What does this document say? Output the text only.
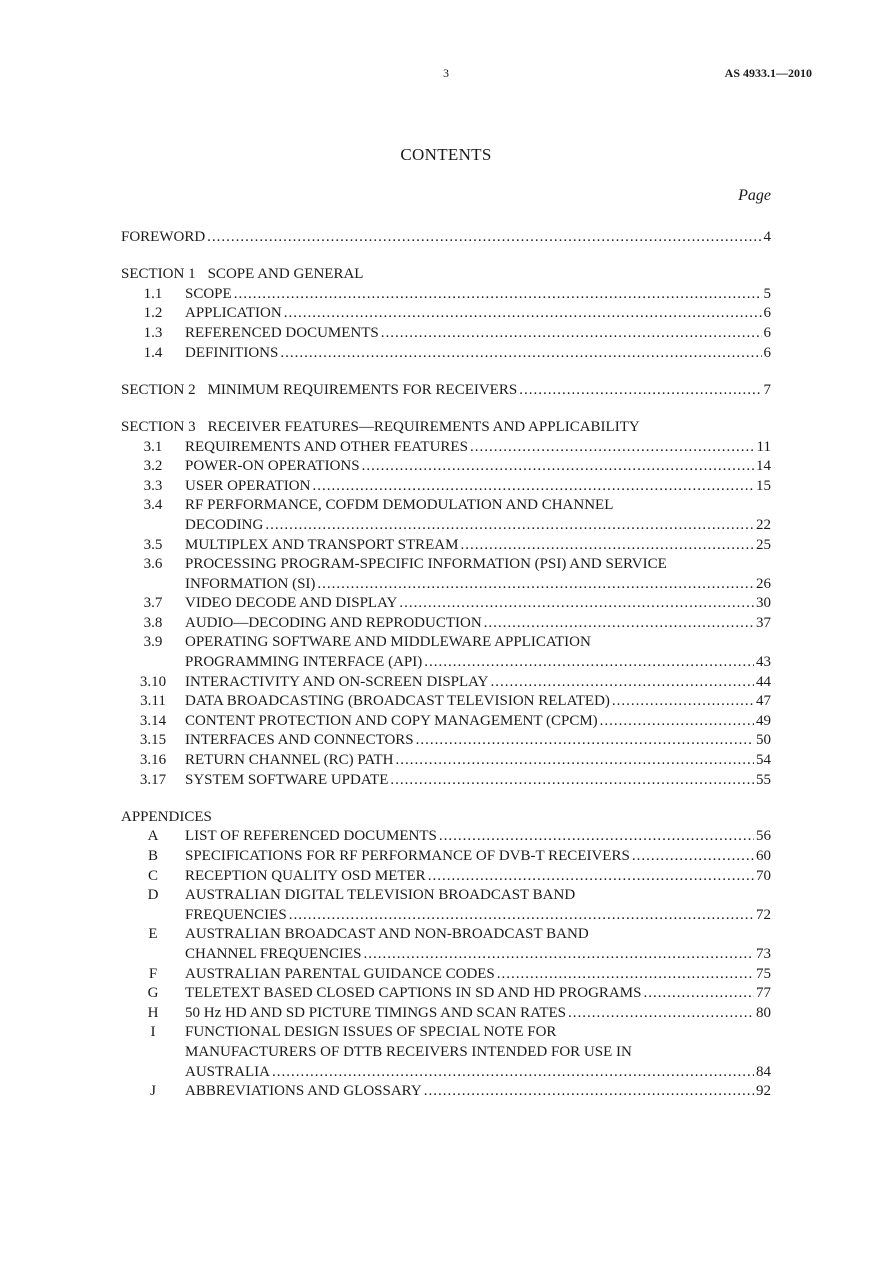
3	AS 4933.1—2010
CONTENTS
Page
FOREWORD .....	4
SECTION 1 SCOPE AND GENERAL
1.1	SCOPE .....	5
1.2	APPLICATION .....	6
1.3	REFERENCED DOCUMENTS .....	6
1.4	DEFINITIONS .....	6
SECTION 2 MINIMUM REQUIREMENTS FOR RECEIVERS .....	7
SECTION 3 RECEIVER FEATURES—REQUIREMENTS AND APPLICABILITY
3.1	REQUIREMENTS AND OTHER FEATURES .....	11
3.2	POWER-ON OPERATIONS .....	14
3.3	USER OPERATION .....	15
3.4	RF PERFORMANCE, COFDM DEMODULATION AND CHANNEL
DECODING .....	22
3.5	MULTIPLEX AND TRANSPORT STREAM .....	25
3.6	PROCESSING PROGRAM-SPECIFIC INFORMATION (PSI) AND SERVICE
INFORMATION (SI) .....	26
3.7	VIDEO DECODE AND DISPLAY .....	30
3.8	AUDIO—DECODING AND REPRODUCTION .....	37
3.9	OPERATING SOFTWARE AND MIDDLEWARE APPLICATION
PROGRAMMING INTERFACE (API) .....	43
3.10	INTERACTIVITY AND ON-SCREEN DISPLAY .....	44
3.11	DATA BROADCASTING (BROADCAST TELEVISION RELATED) .....	47
3.14	CONTENT PROTECTION AND COPY MANAGEMENT (CPCM) .....	49
3.15	INTERFACES AND CONNECTORS .....	50
3.16	RETURN CHANNEL (RC) PATH .....	54
3.17	SYSTEM SOFTWARE UPDATE .....	55
APPENDICES
A	LIST OF REFERENCED DOCUMENTS .....	56
B	SPECIFICATIONS FOR RF PERFORMANCE OF DVB-T RECEIVERS .....	60
C	RECEPTION QUALITY OSD METER .....	70
D	AUSTRALIAN DIGITAL TELEVISION BROADCAST BAND
FREQUENCIES .....	72
E	AUSTRALIAN BROADCAST AND NON-BROADCAST BAND
CHANNEL FREQUENCIES .....	73
F	AUSTRALIAN PARENTAL GUIDANCE CODES .....	75
G	TELETEXT BASED CLOSED CAPTIONS IN SD AND HD PROGRAMS .....	77
H	50 Hz HD AND SD PICTURE TIMINGS AND SCAN RATES .....	80
I	FUNCTIONAL DESIGN ISSUES OF SPECIAL NOTE FOR
MANUFACTURERS OF DTTB RECEIVERS INTENDED FOR USE IN
AUSTRALIA .....	84
J	ABBREVIATIONS AND GLOSSARY .....	92
